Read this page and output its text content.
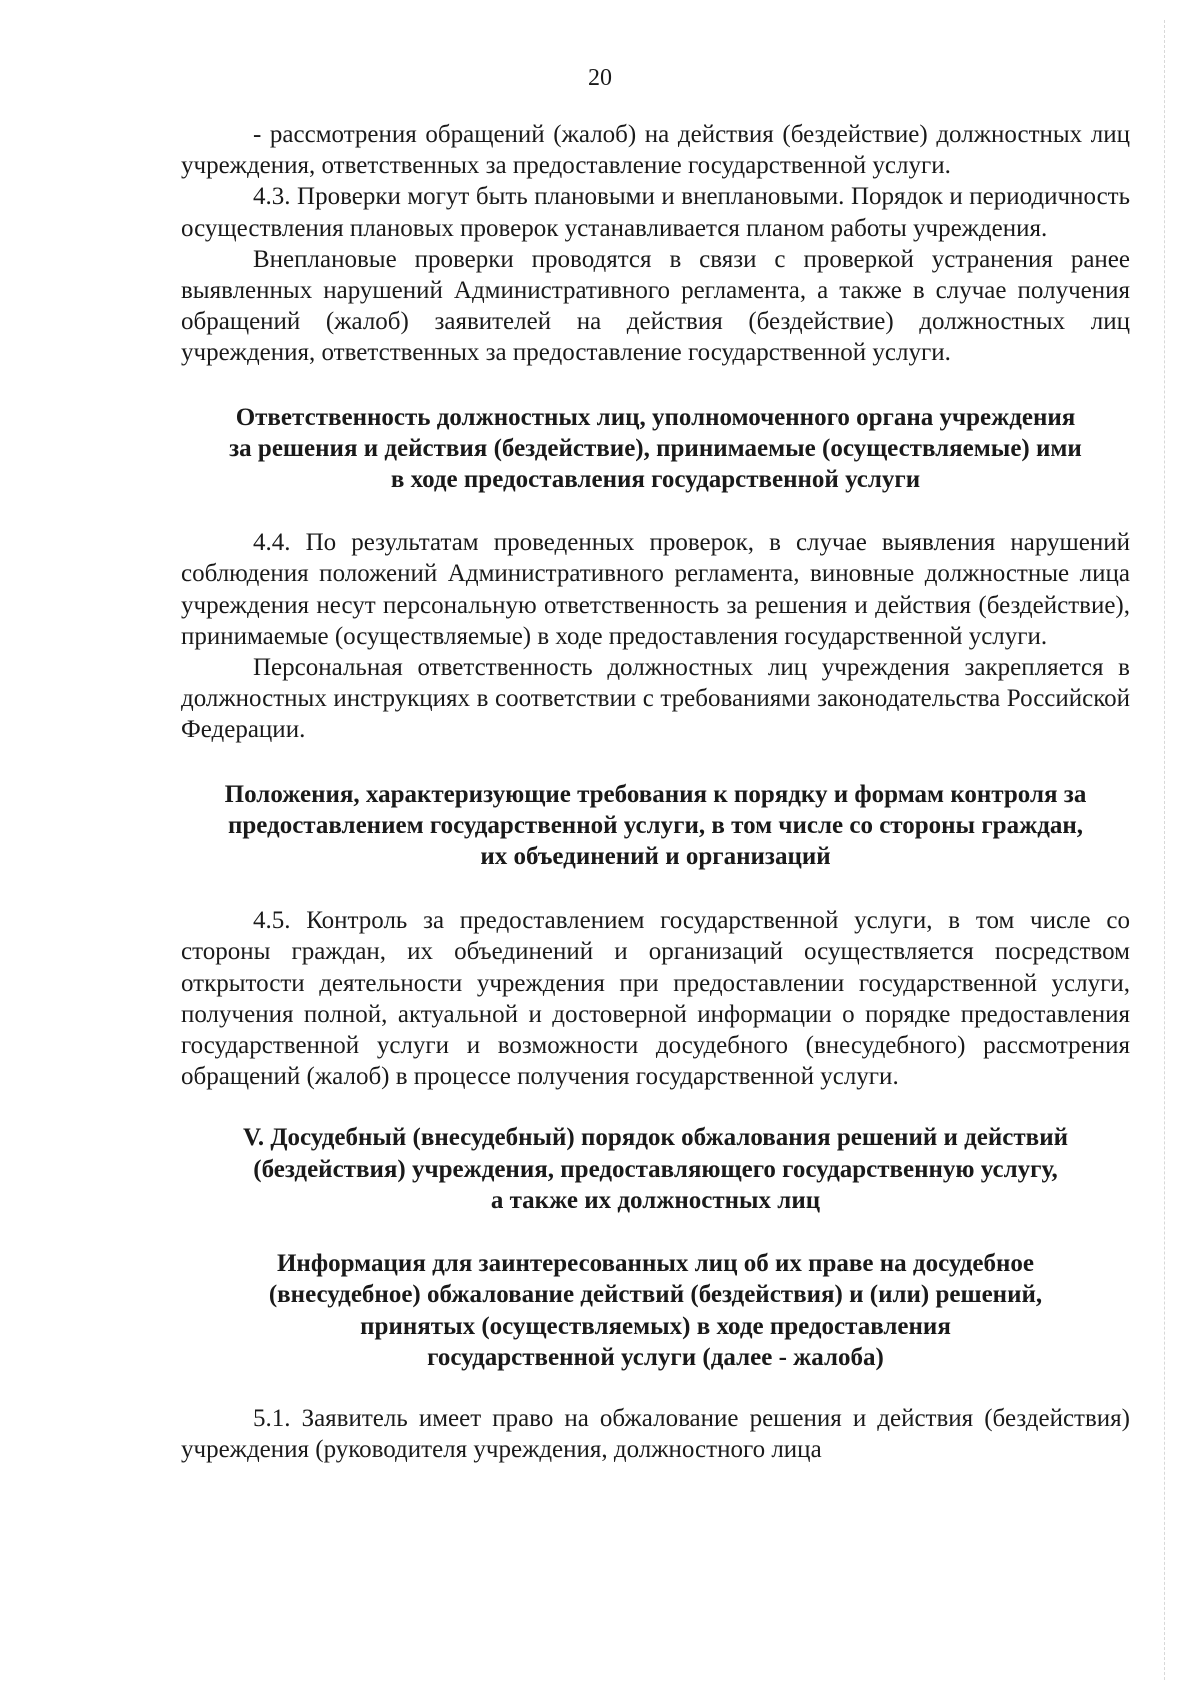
20

- рассмотрения обращений (жалоб) на действия (бездействие) должностных лиц учреждения, ответственных за предоставление государственной услуги.

4.3. Проверки могут быть плановыми и внеплановыми. Порядок и периодичность осуществления плановых проверок устанавливается планом работы учреждения.

Внеплановые проверки проводятся в связи с проверкой устранения ранее выявленных нарушений Административного регламента, а также в случае получения обращений (жалоб) заявителей на действия (бездействие) должностных лиц учреждения, ответственных за предоставление государственной услуги.

Ответственность должностных лиц, уполномоченного органа учреждения

за решения и действия (бездействие), принимаемые (осуществляемые) ими

в ходе предоставления государственной услуги

4.4. По результатам проведенных проверок, в случае выявления нарушений соблюдения положений Административного регламента, виновные должностные лица учреждения несут персональную ответственность за решения и действия (бездействие), принимаемые (осуществляемые) в ходе предоставления государственной услуги.

Персональная ответственность должностных лиц учреждения закрепляется в должностных инструкциях в соответствии с требованиями законодательства Российской Федерации.

Положения, характеризующие требования к порядку и формам контроля за

предоставлением государственной услуги, в том числе со стороны граждан,

их объединений и организаций

4.5. Контроль за предоставлением государственной услуги, в том числе со стороны граждан, их объединений и организаций осуществляется посредством открытости деятельности учреждения при предоставлении государственной услуги, получения полной, актуальной и достоверной информации о порядке предоставления государственной услуги и возможности досудебного (внесудебного) рассмотрения обращений (жалоб) в процессе получения государственной услуги.

V. Досудебный (внесудебный) порядок обжалования решений и действий

(бездействия) учреждения, предоставляющего государственную услугу,

а также их должностных лиц

Информация для заинтересованных лиц об их праве на досудебное

(внесудебное) обжалование действий (бездействия) и (или) решений,

принятых (осуществляемых) в ходе предоставления

государственной услуги (далее - жалоба)

5.1. Заявитель имеет право на обжалование решения и действия (бездействия) учреждения (руководителя учреждения, должностного лица
